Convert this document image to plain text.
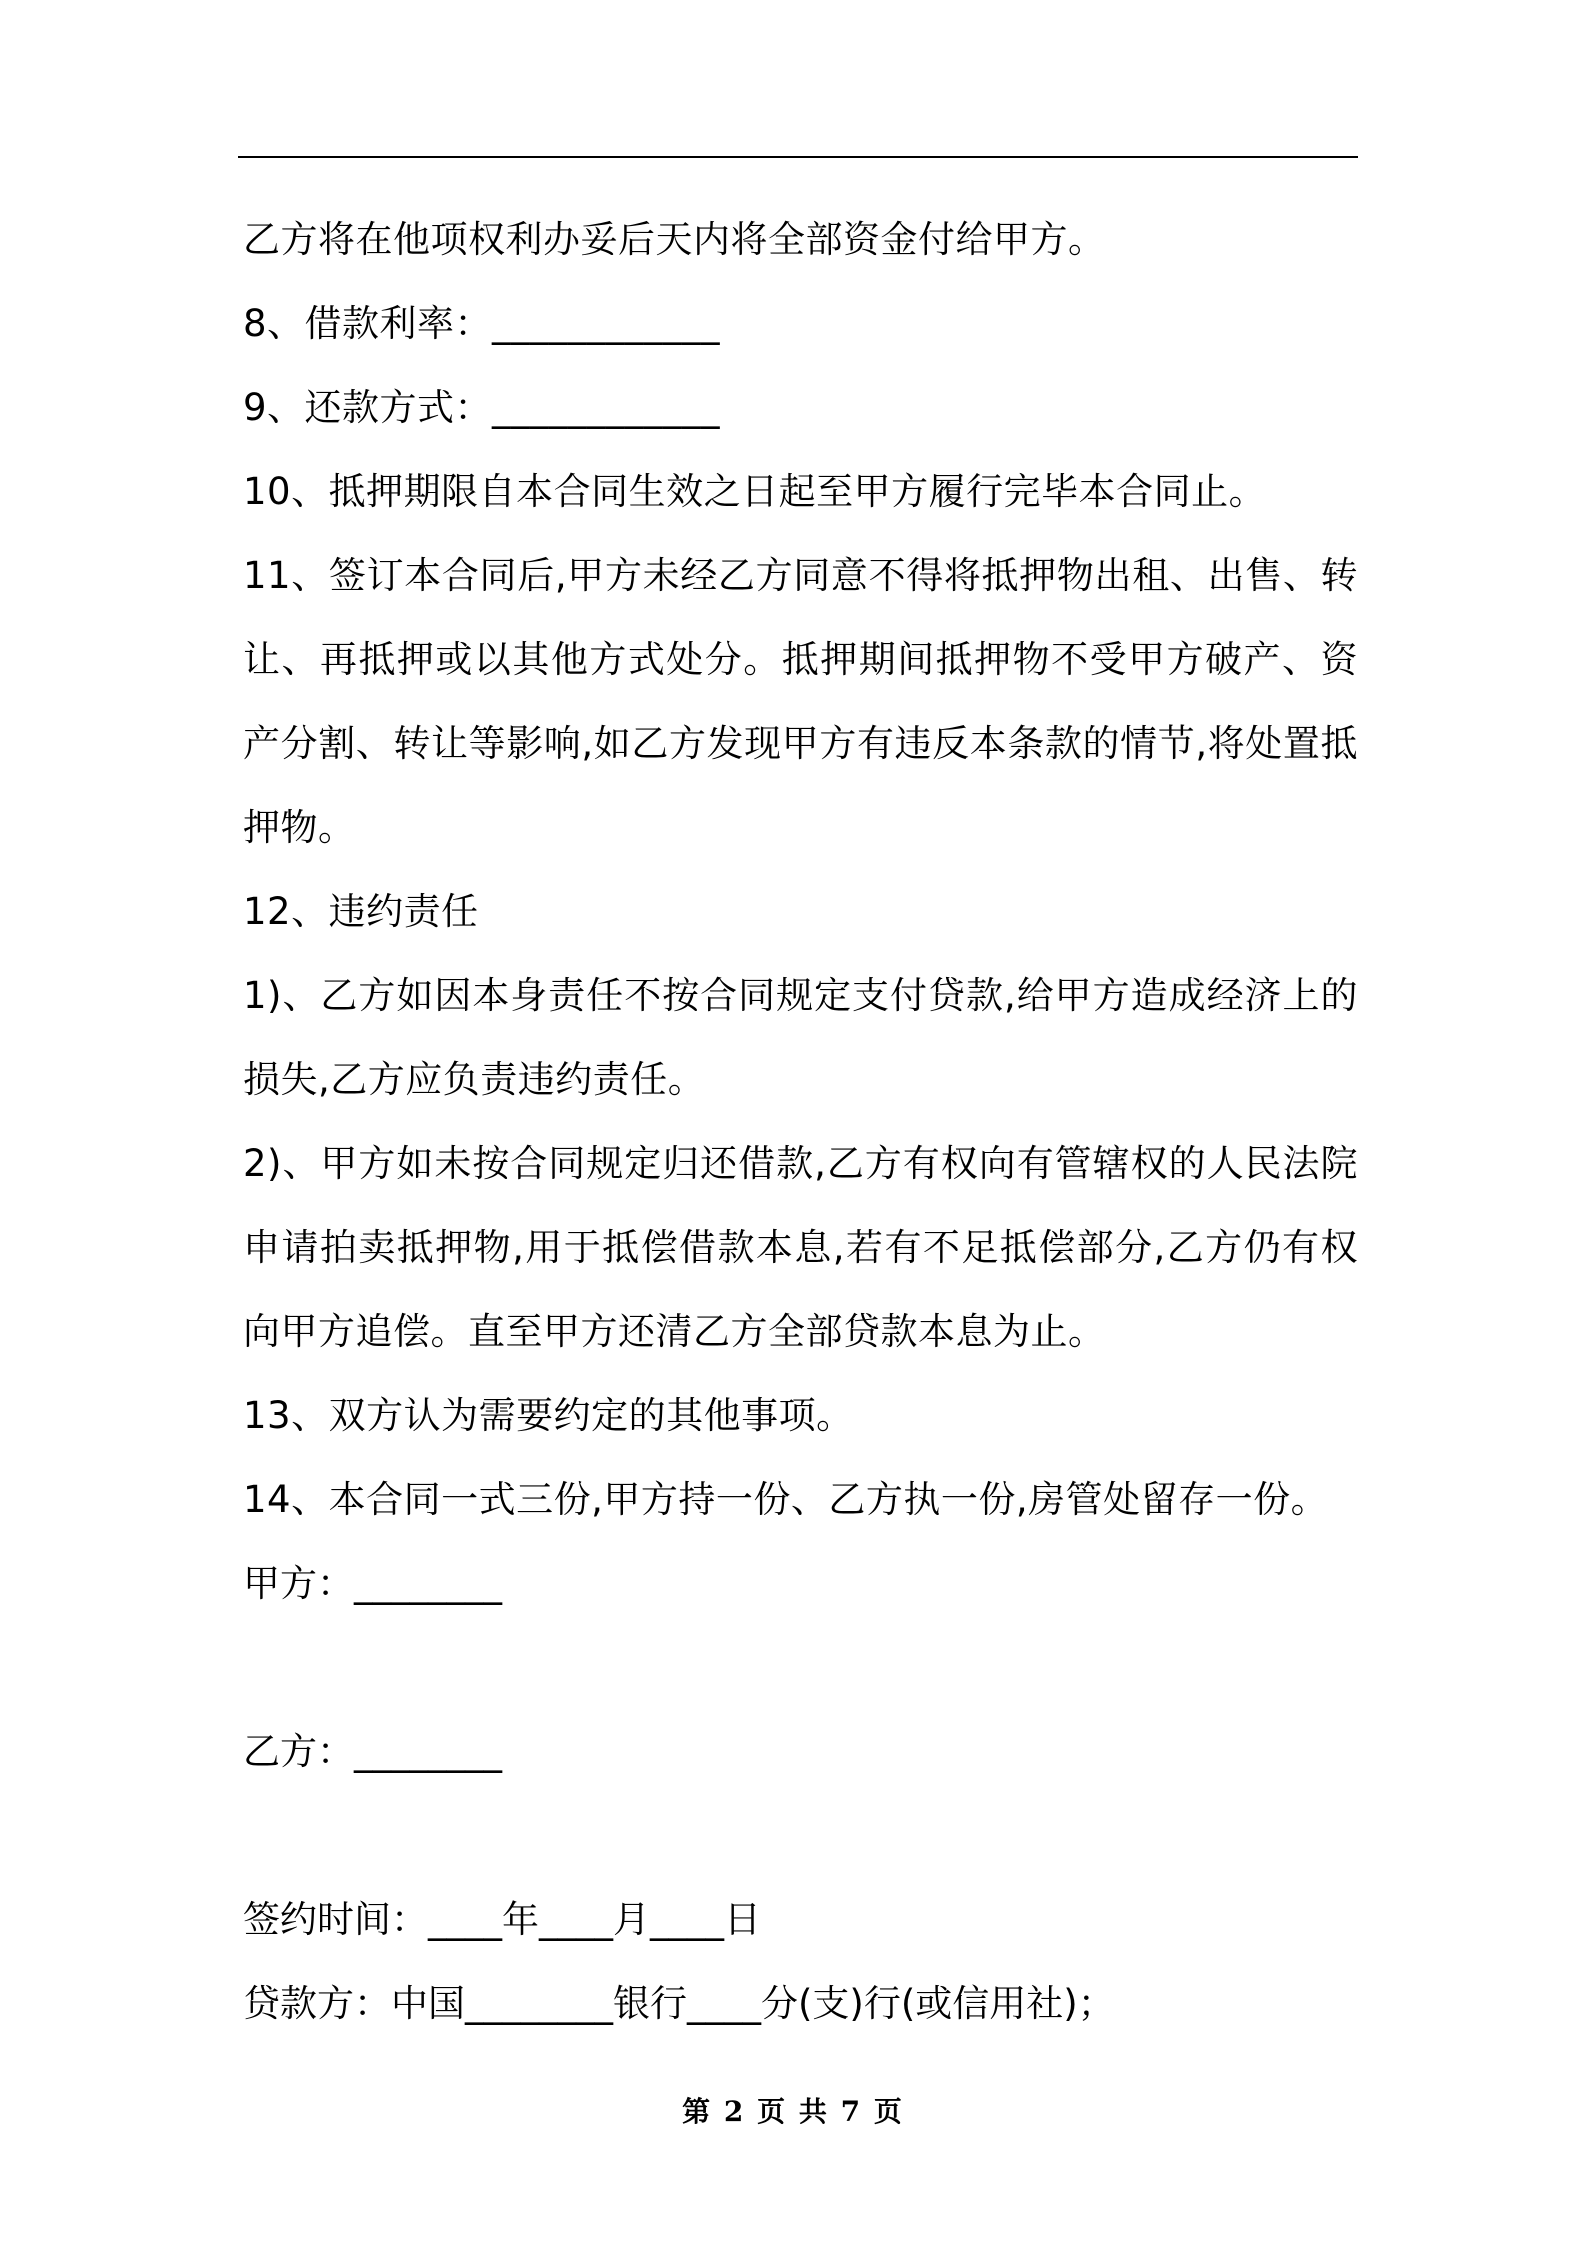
乙方将在他项权利办妥后天内将全部资金付给甲方。

8、借款利率：____________

9、还款方式：____________

10、抵押期限自本合同生效之日起至甲方履行完毕本合同止。

11、签订本合同后,甲方未经乙方同意不得将抵押物出租、出售、转让、再抵押或以其他方式处分。抵押期间抵押物不受甲方破产、资产分割、转让等影响,如乙方发现甲方有违反本条款的情节,将处置抵押物。

12、违约责任

1)、乙方如因本身责任不按合同规定支付贷款,给甲方造成经济上的损失,乙方应负责违约责任。

2)、甲方如未按合同规定归还借款,乙方有权向有管辖权的人民法院申请拍卖抵押物,用于抵偿借款本息,若有不足抵偿部分,乙方仍有权向甲方追偿。直至甲方还清乙方全部贷款本息为止。

13、双方认为需要约定的其他事项。

14、本合同一式三份,甲方持一份、乙方执一份,房管处留存一份。

甲方：________

乙方：________

签约时间：____年____月____日

贷款方：中国________银行____分(支)行(或信用社)；

第 2 页 共 7 页
